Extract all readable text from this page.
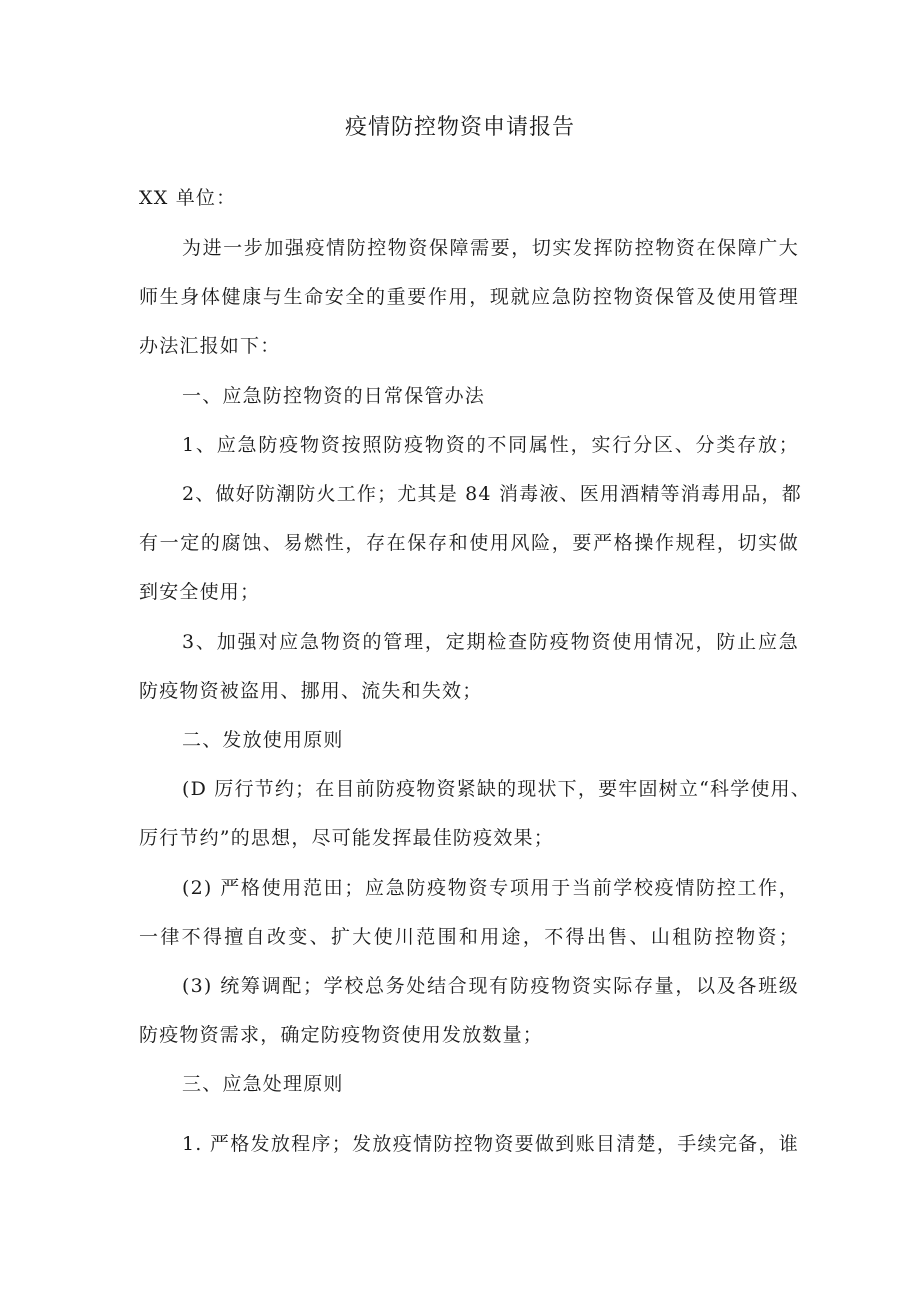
疫情防控物资申请报告

XX 单位：

为进一步加强疫情防控物资保障需要，切实发挥防控物资在保障广大

师生身体健康与生命安全的重要作用，现就应急防控物资保管及使用管理

办法汇报如下：

一、应急防控物资的日常保管办法

1、应急防疫物资按照防疫物资的不同属性，实行分区、分类存放；

2、做好防潮防火工作；尤其是 84 消毒液、医用酒精等消毒用品，都

有一定的腐蚀、易燃性，存在保存和使用风险，要严格操作规程，切实做

到安全使用；

3、加强对应急物资的管理，定期检查防疫物资使用情况，防止应急

防疫物资被盗用、挪用、流失和失效；

二、发放使用原则

(D 厉行节约；在目前防疫物资紧缺的现状下，要牢固树立“科学使用、

厉行节约”的思想，尽可能发挥最佳防疫效果；

(2) 严格使用范田；应急防疫物资专项用于当前学校疫情防控工作，

一律不得擅自改变、扩大使川范围和用途，不得出售、山租防控物资；

(3) 统筹调配；学校总务处结合现有防疫物资实际存量，以及各班级

防疫物资需求，确定防疫物资使用发放数量；

三、应急处理原则

1. 严格发放程序；发放疫情防控物资要做到账目清楚，手续完备，谁
